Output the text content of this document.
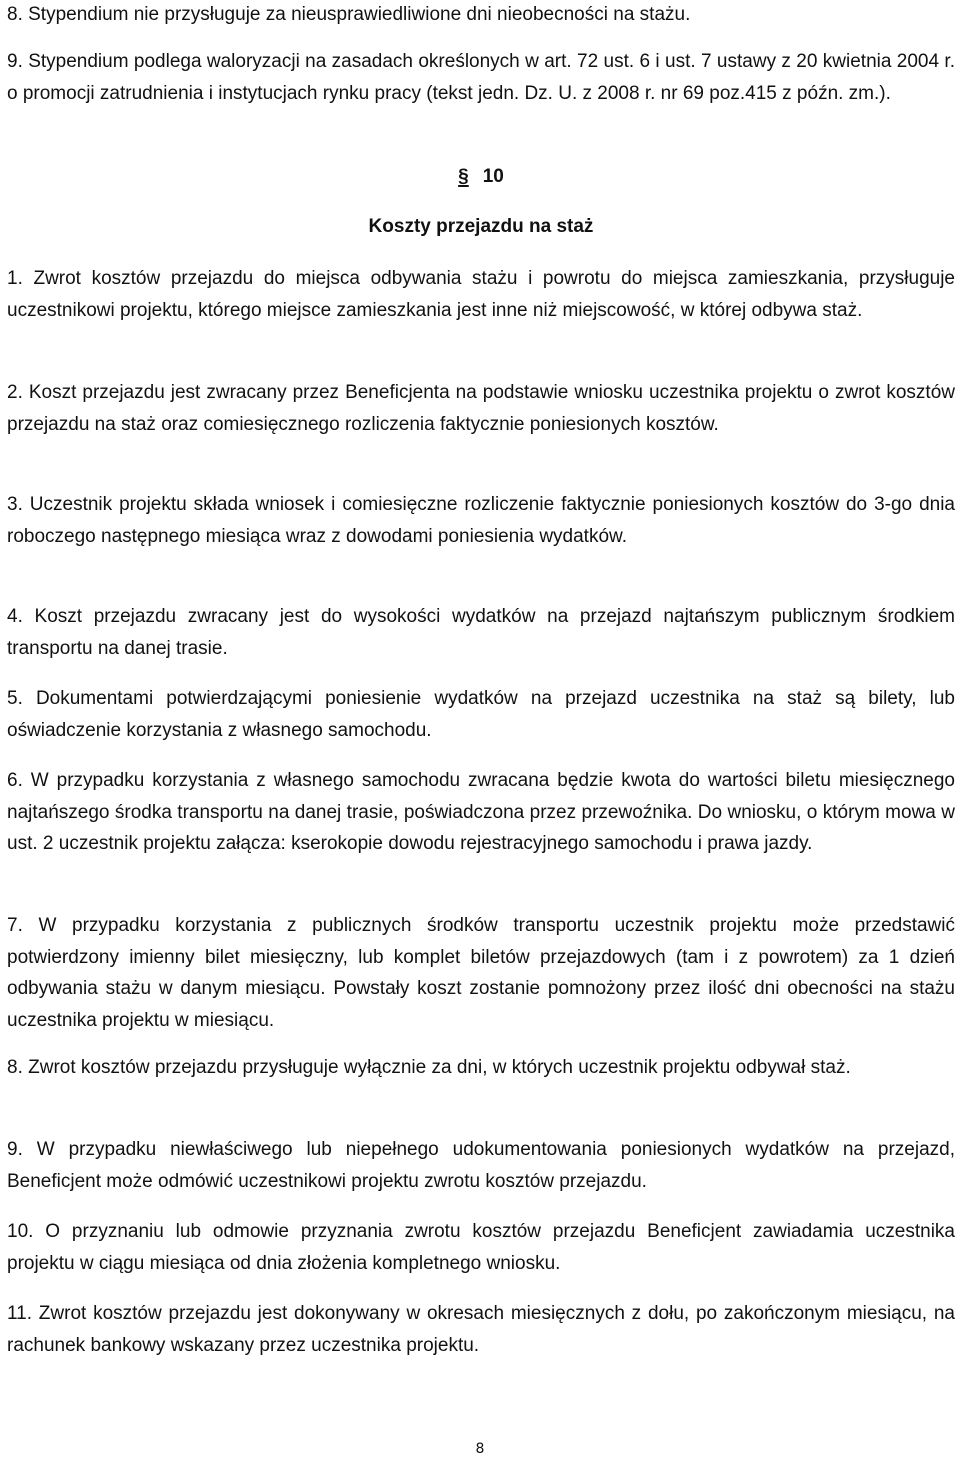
8. Stypendium nie przysługuje za nieusprawiedliwione dni nieobecności na stażu.

9. Stypendium podlega waloryzacji na zasadach określonych w art. 72 ust. 6 i ust. 7 ustawy z 20 kwietnia 2004 r. o promocji zatrudnienia i instytucjach rynku pracy (tekst jedn. Dz. U. z 2008 r. nr 69 poz.415 z późn. zm.).

§ 10
Koszty przejazdu na staż

1. Zwrot kosztów przejazdu do miejsca odbywania stażu i powrotu do miejsca zamieszkania, przysługuje uczestnikowi projektu, którego miejsce zamieszkania jest inne niż miejscowość, w której odbywa staż.

2. Koszt przejazdu jest zwracany przez Beneficjenta na podstawie wniosku uczestnika projektu o zwrot kosztów przejazdu na staż oraz comiesięcznego rozliczenia faktycznie poniesionych kosztów.

3. Uczestnik projektu składa wniosek i comiesięczne rozliczenie faktycznie poniesionych kosztów do 3-go dnia roboczego następnego miesiąca wraz z dowodami poniesienia wydatków.

4. Koszt przejazdu zwracany jest do wysokości wydatków na przejazd najtańszym publicznym środkiem transportu na danej trasie.

5. Dokumentami potwierdzającymi poniesienie wydatków na przejazd uczestnika na staż są bilety, lub oświadczenie korzystania z własnego samochodu.

6. W przypadku korzystania z własnego samochodu zwracana będzie kwota do wartości biletu miesięcznego najtańszego środka transportu na danej trasie, poświadczona przez przewoźnika. Do wniosku, o którym mowa w ust. 2 uczestnik projektu załącza: kserokopie dowodu rejestracyjnego samochodu i prawa jazdy.

7. W przypadku korzystania z publicznych środków transportu uczestnik projektu może przedstawić potwierdzony imienny bilet miesięczny, lub komplet biletów przejazdowych (tam i z powrotem) za 1 dzień odbywania stażu w danym miesiącu. Powstały koszt zostanie pomnożony przez ilość dni obecności na stażu uczestnika projektu w miesiącu.

8. Zwrot kosztów przejazdu przysługuje wyłącznie za dni, w których uczestnik projektu odbywał staż.

9. W przypadku niewłaściwego lub niepełnego udokumentowania poniesionych wydatków na przejazd, Beneficjent może odmówić uczestnikowi projektu zwrotu kosztów przejazdu.

10. O przyznaniu lub odmowie przyznania zwrotu kosztów przejazdu Beneficjent zawiadamia uczestnika projektu w ciągu miesiąca od dnia złożenia kompletnego wniosku.

11. Zwrot kosztów przejazdu jest dokonywany w okresach miesięcznych z dołu, po zakończonym miesiącu, na rachunek bankowy wskazany przez uczestnika projektu.

8
